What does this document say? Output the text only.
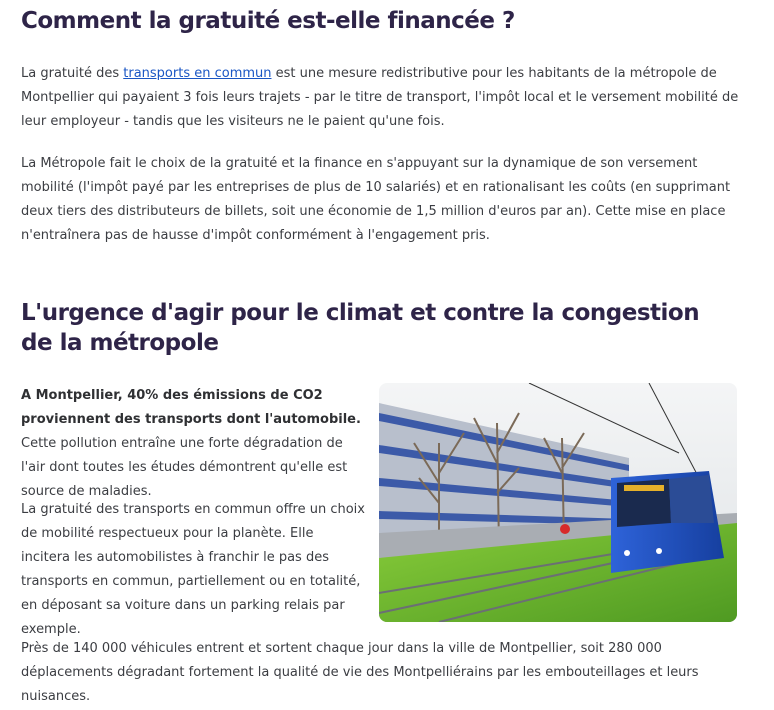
Comment la gratuité est-elle financée ?

La gratuité des transports en commun est une mesure redistributive pour les habitants de la métropole de Montpellier qui payaient 3 fois leurs trajets - par le titre de transport, l'impôt local et le versement mobilité de leur employeur - tandis que les visiteurs ne le paient qu'une fois.

La Métropole fait le choix de la gratuité et la finance en s'appuyant sur la dynamique de son versement mobilité (l'impôt payé par les entreprises de plus de 10 salariés) et en rationalisant les coûts (en supprimant deux tiers des distributeurs de billets, soit une économie de 1,5 million d'euros par an). Cette mise en place n'entraînera pas de hausse d'impôt conformément à l'engagement pris.

L'urgence d'agir pour le climat et contre la congestion de la métropole

A Montpellier, 40% des émissions de CO2 proviennent des transports dont l'automobile. Cette pollution entraîne une forte dégradation de l'air dont toutes les études démontrent qu'elle est source de maladies.

La gratuité des transports en commun offre un choix de mobilité respectueux pour la planète. Elle incitera les automobilistes à franchir le pas des transports en commun, partiellement ou en totalité, en déposant sa voiture dans un parking relais par exemple.

Près de 140 000 véhicules entrent et sortent chaque jour dans la ville de Montpellier, soit 280 000 déplacements dégradant fortement la qualité de vie des Montpelliérains par les embouteillages et leurs nuisances.
